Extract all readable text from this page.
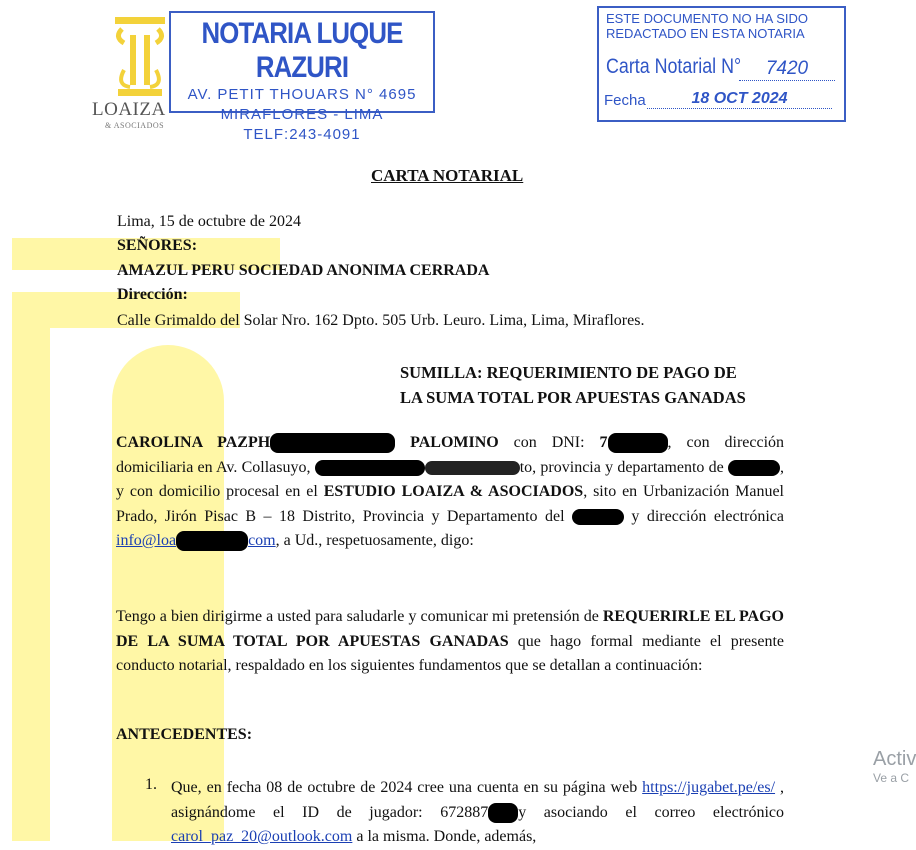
LOAIZA
& ASOCIADOS
NOTARIA LUQUE RAZURI
AV. PETIT THOUARS N° 4695
MIRAFLORES - LIMA
TELF:243-4091
ESTE DOCUMENTO NO HA SIDO
REDACTADO EN ESTA NOTARIA
Carta Notarial N°	7420
Fecha	18 OCT 2024
CARTA NOTARIAL
Lima, 15 de octubre de 2024
SEÑORES:
AMAZUL PERU SOCIEDAD ANONIMA CERRADA
Dirección:
Calle Grimaldo del Solar Nro. 162 Dpto. 505 Urb. Leuro. Lima, Lima, Miraflores.
SUMILLA: REQUERIMIENTO DE PAGO DE
LA SUMA TOTAL POR APUESTAS GANADAS
CAROLINA PAZPH	PALOMINO con DNI: 7	, con dirección domiciliaria en Av. Collasuyo,	to, provincia y departamento de	, y con domicilio procesal en el ESTUDIO LOAIZA & ASOCIADOS, sito en Urbanización Manuel Prado, Jirón Pisac B – 18 Distrito, Provincia y Departamento del	y dirección electrónica info@loa	com, a Ud., respetuosamente, digo:
Tengo a bien dirigirme a usted para saludarle y comunicar mi pretensión de REQUERIRLE EL PAGO DE LA SUMA TOTAL POR APUESTAS GANADAS que hago formal mediante el presente conducto notarial, respaldado en los siguientes fundamentos que se detallan a continuación:
ANTECEDENTES:
1. Que, en fecha 08 de octubre de 2024 cree una cuenta en su página web https://jugabet.pe/es/ , asignándome el ID de jugador: 672887 y asociando el correo electrónico carol_paz_20@outlook.com a la misma. Donde, además,
Activ
Ve a C
